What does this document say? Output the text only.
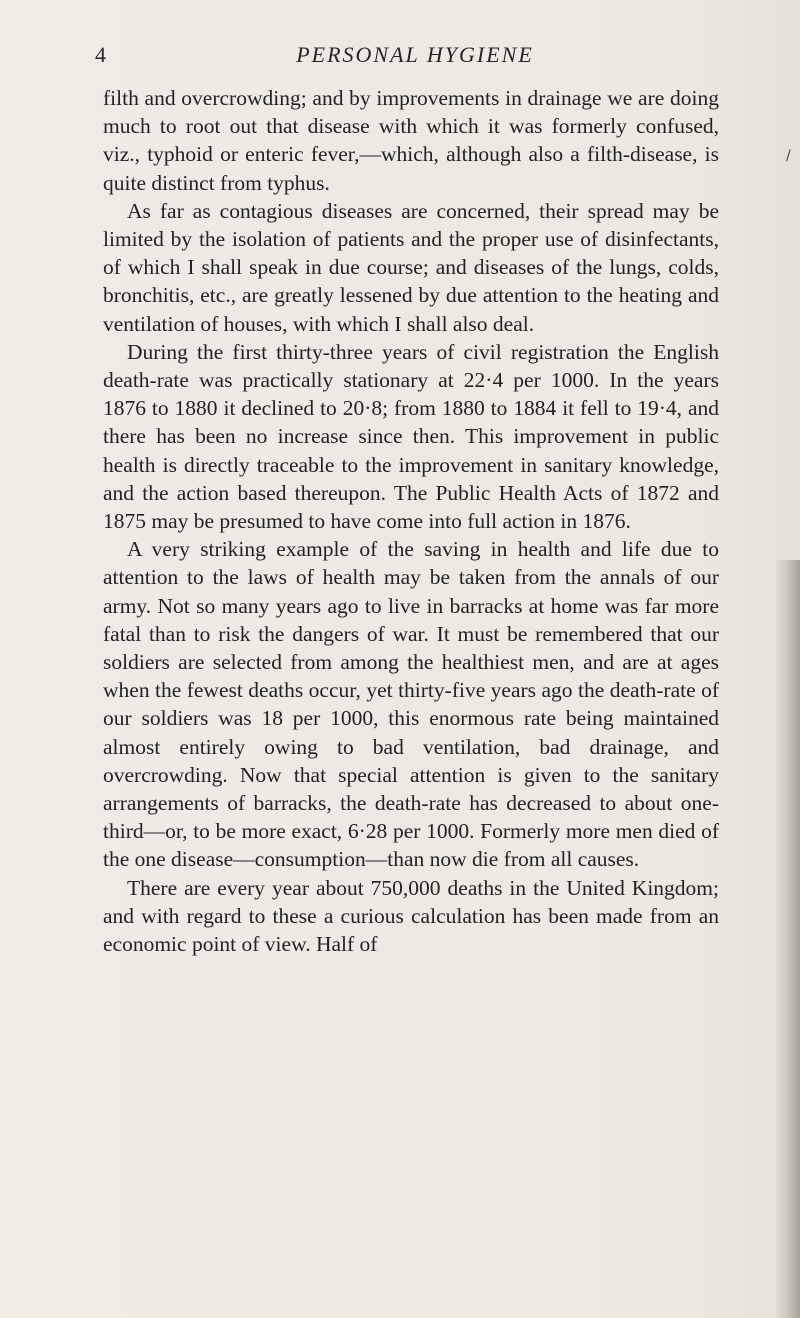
4	PERSONAL HYGIENE

filth and overcrowding; and by improvements in drainage we are doing much to root out that disease with which it was formerly confused, viz., typhoid or enteric fever,—which, although also a filth-disease, is quite distinct from typhus.

As far as contagious diseases are concerned, their spread may be limited by the isolation of patients and the proper use of disinfectants, of which I shall speak in due course; and diseases of the lungs, colds, bronchitis, etc., are greatly lessened by due attention to the heating and ventilation of houses, with which I shall also deal.

During the first thirty-three years of civil registration the English death-rate was practically stationary at 22·4 per 1000. In the years 1876 to 1880 it declined to 20·8; from 1880 to 1884 it fell to 19·4, and there has been no increase since then. This improvement in public health is directly traceable to the improvement in sanitary knowledge, and the action based thereupon. The Public Health Acts of 1872 and 1875 may be presumed to have come into full action in 1876.

A very striking example of the saving in health and life due to attention to the laws of health may be taken from the annals of our army. Not so many years ago to live in barracks at home was far more fatal than to risk the dangers of war. It must be remembered that our soldiers are selected from among the healthiest men, and are at ages when the fewest deaths occur, yet thirty-five years ago the death-rate of our soldiers was 18 per 1000, this enormous rate being maintained almost entirely owing to bad ventilation, bad drainage, and overcrowding. Now that special attention is given to the sanitary arrangements of barracks, the death-rate has decreased to about one-third—or, to be more exact, 6·28 per 1000. Formerly more men died of the one disease—consumption—than now die from all causes.

There are every year about 750,000 deaths in the United Kingdom; and with regard to these a curious calculation has been made from an economic point of view. Half of

/
